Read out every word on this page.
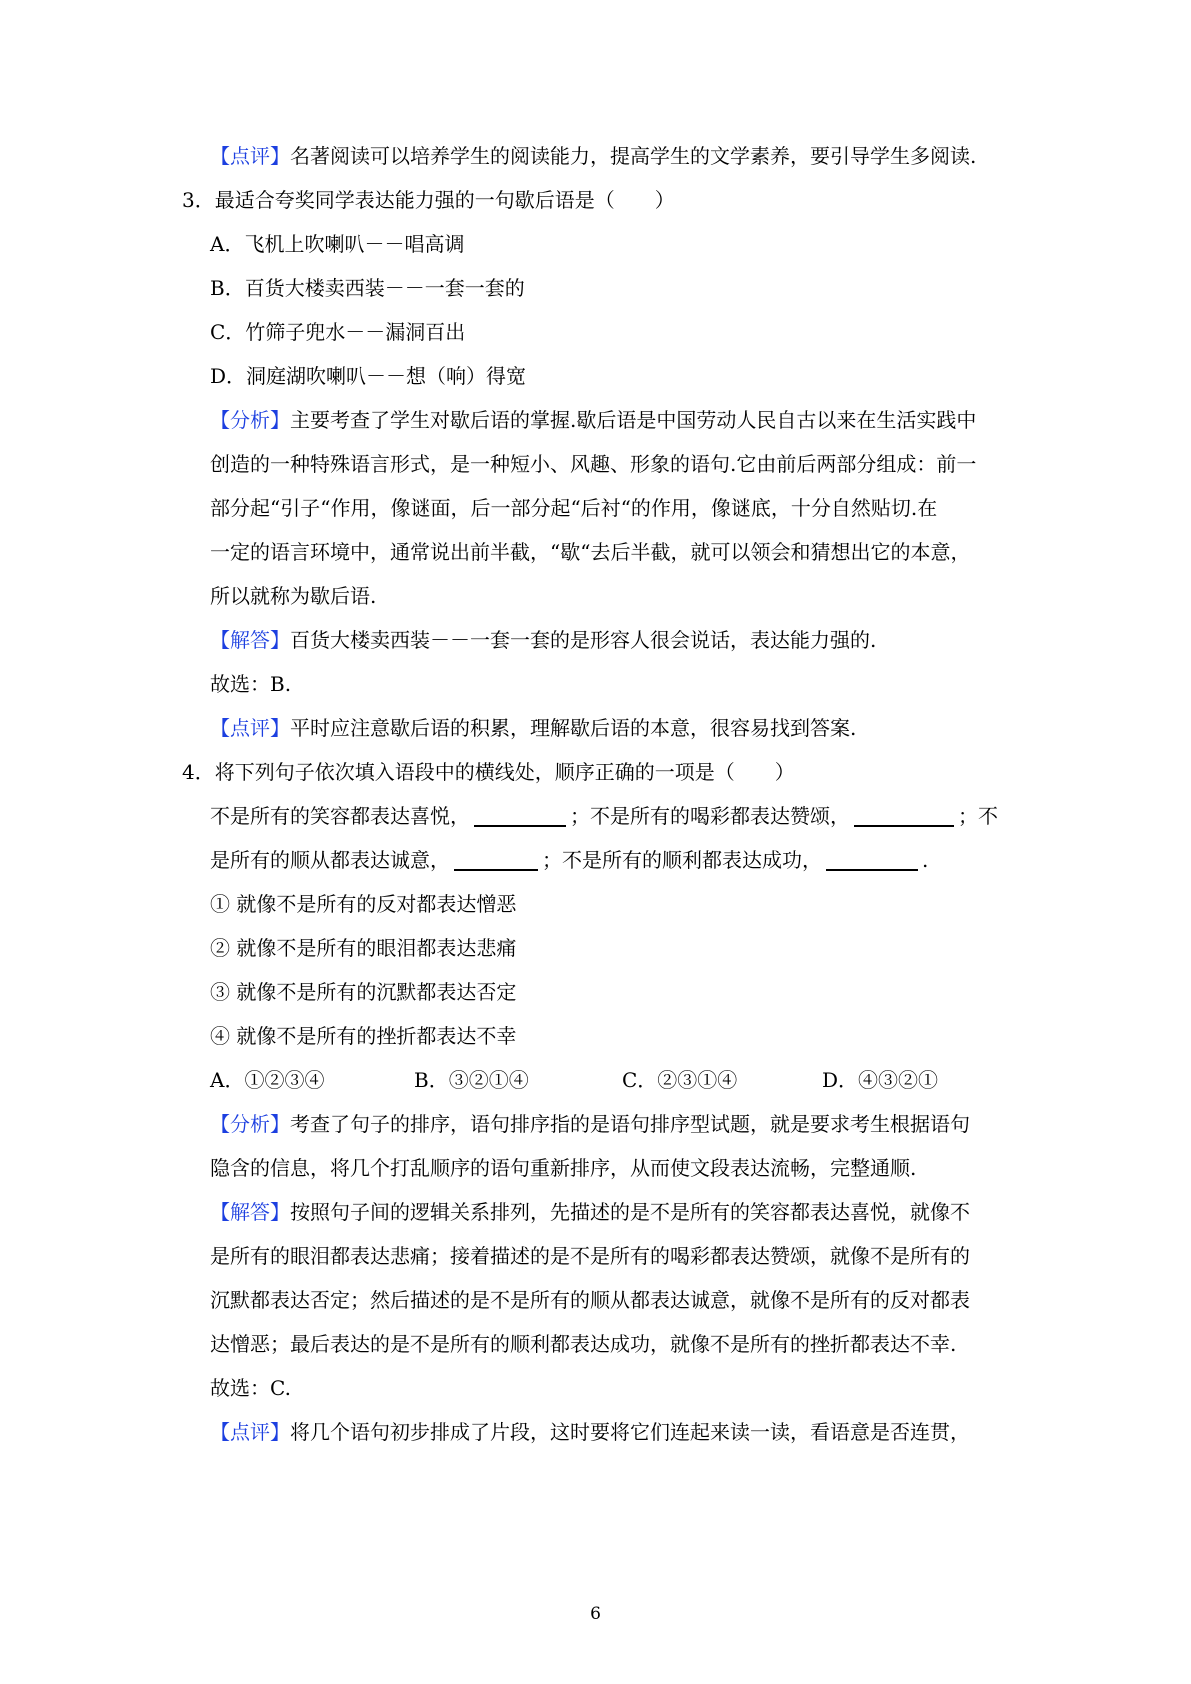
【点评】名著阅读可以培养学生的阅读能力，提高学生的文学素养，要引导学生多阅读.
3．最适合夸奖同学表达能力强的一句歇后语是（　　）
A．飞机上吹喇叭－－唱高调
B．百货大楼卖西装－－一套一套的
C．竹筛子兜水－－漏洞百出
D．洞庭湖吹喇叭－－想（响）得宽
【分析】主要考查了学生对歇后语的掌握.歇后语是中国劳动人民自古以来在生活实践中
创造的一种特殊语言形式，是一种短小、风趣、形象的语句.它由前后两部分组成：前一
部分起“引子“作用，像谜面，后一部分起“后衬“的作用，像谜底，十分自然贴切.在
一定的语言环境中，通常说出前半截，“歇“去后半截，就可以领会和猜想出它的本意，
所以就称为歇后语.
【解答】百货大楼卖西装－－一套一套的是形容人很会说话，表达能力强的.
故选：B.
【点评】平时应注意歇后语的积累，理解歇后语的本意，很容易找到答案.
4．将下列句子依次填入语段中的横线处，顺序正确的一项是（　　）
不是所有的笑容都表达喜悦，	；不是所有的喝彩都表达赞颂，	；不
是所有的顺从都表达诚意，	；不是所有的顺利都表达成功，	.
① 就像不是所有的反对都表达憎恶
② 就像不是所有的眼泪都表达悲痛
③ 就像不是所有的沉默都表达否定
④ 就像不是所有的挫折都表达不幸
A．①②③④	B．③②①④	C．②③①④	D．④③②①
【分析】考查了句子的排序，语句排序指的是语句排序型试题，就是要求考生根据语句
隐含的信息，将几个打乱顺序的语句重新排序，从而使文段表达流畅，完整通顺.
【解答】按照句子间的逻辑关系排列，先描述的是不是所有的笑容都表达喜悦，就像不
是所有的眼泪都表达悲痛；接着描述的是不是所有的喝彩都表达赞颂，就像不是所有的
沉默都表达否定；然后描述的是不是所有的顺从都表达诚意，就像不是所有的反对都表
达憎恶；最后表达的是不是所有的顺利都表达成功，就像不是所有的挫折都表达不幸.
故选：C.
【点评】将几个语句初步排成了片段，这时要将它们连起来读一读，看语意是否连贯，
6
